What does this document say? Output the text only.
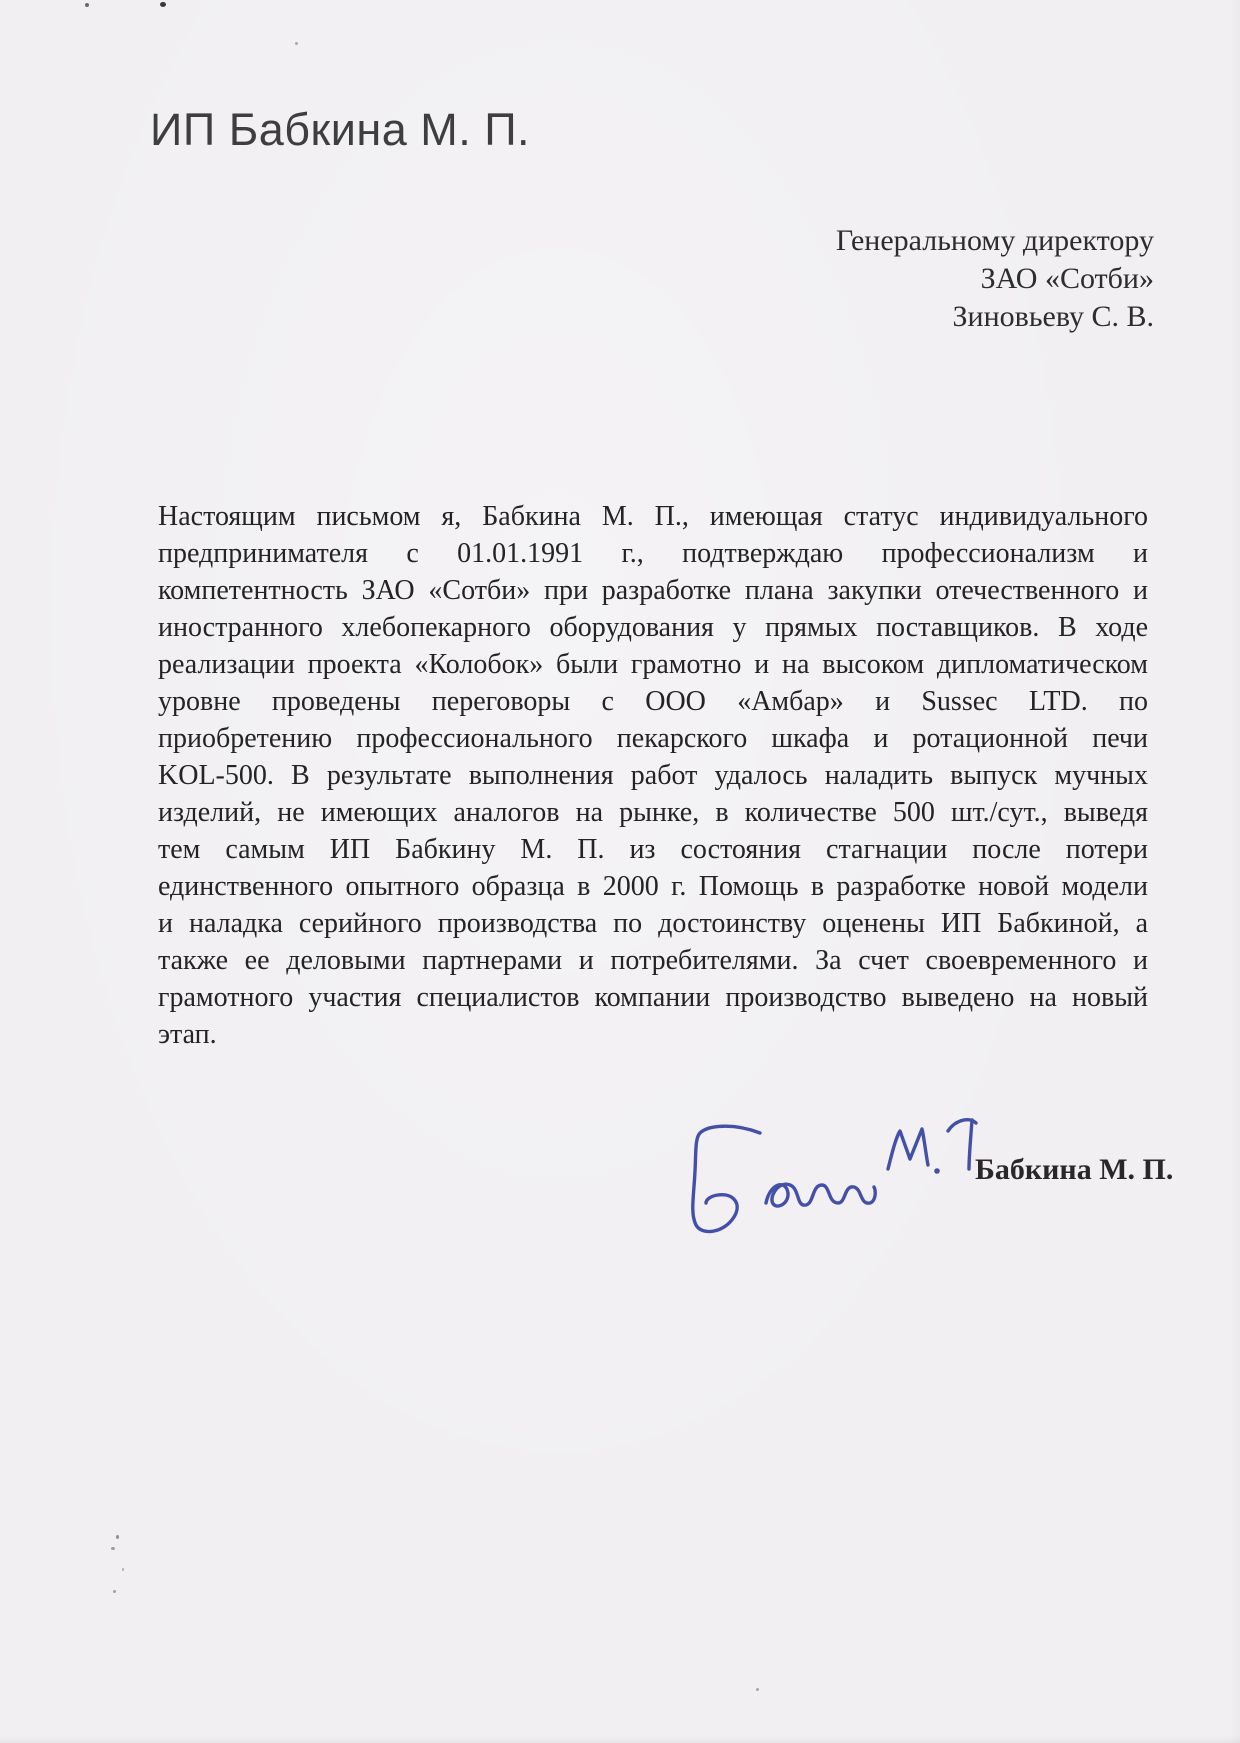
ИП Бабкина М. П.
Генеральному директору
ЗАО «Сотби»
Зиновьеву С. В.
Настоящим письмом я, Бабкина М. П., имеющая статус индивидуального
предпринимателя с 01.01.1991 г., подтверждаю профессионализм и
компетентность ЗАО «Сотби» при разработке плана закупки отечественного и
иностранного хлебопекарного оборудования у прямых поставщиков. В ходе
реализации проекта «Колобок» были грамотно и на высоком дипломатическом
уровне проведены переговоры с ООО «Амбар» и Sussec LTD. по
приобретению профессионального пекарского шкафа и ротационной печи
KOL-500. В результате выполнения работ удалось наладить выпуск мучных
изделий, не имеющих аналогов на рынке, в количестве 500 шт./сут., выведя
тем самым ИП Бабкину М. П. из состояния стагнации после потери
единственного опытного образца в 2000 г. Помощь в разработке новой модели
и наладка серийного производства по достоинству оценены ИП Бабкиной, а
также ее деловыми партнерами и потребителями. За счет своевременного и
грамотного участия специалистов компании производство выведено на новый
этап.
Бабкина М. П.
